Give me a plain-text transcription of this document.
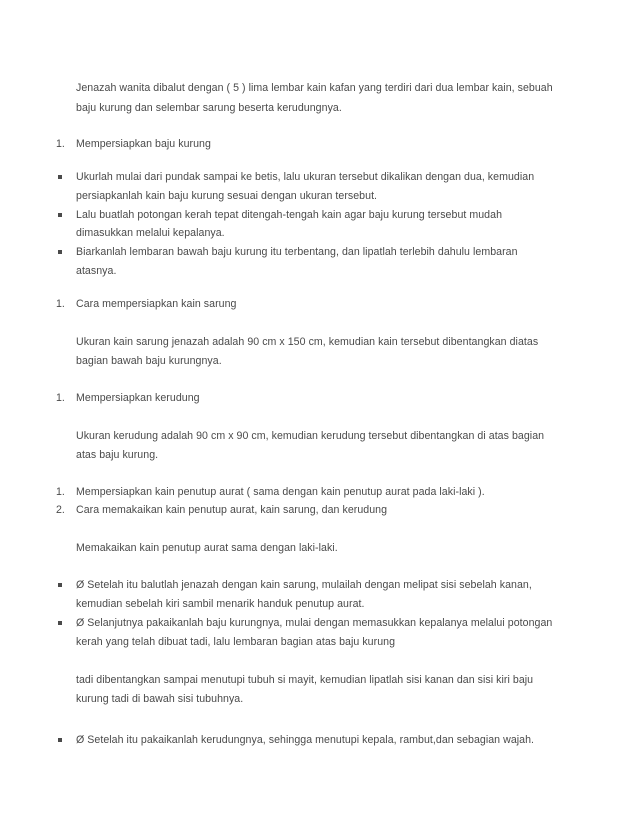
Jenazah wanita dibalut dengan ( 5 ) lima lembar kain kafan yang terdiri dari dua lembar kain, sebuah
baju kurung dan selembar sarung beserta kerudungnya.
1. Mempersiapkan baju kurung
Ukurlah mulai dari pundak sampai ke betis, lalu ukuran tersebut dikalikan dengan dua, kemudian
persiapkanlah kain baju kurung sesuai dengan ukuran tersebut.
Lalu buatlah potongan kerah tepat ditengah-tengah kain agar baju kurung tersebut mudah
dimasukkan melalui kepalanya.
Biarkanlah lembaran bawah baju kurung itu terbentang, dan lipatlah terlebih dahulu lembaran
atasnya.
1. Cara mempersiapkan kain sarung
Ukuran kain sarung jenazah adalah 90 cm x 150 cm, kemudian kain tersebut dibentangkan diatas
bagian bawah baju kurungnya.
1. Mempersiapkan kerudung
Ukuran kerudung adalah 90 cm x 90 cm, kemudian kerudung tersebut dibentangkan di atas bagian
atas baju kurung.
1. Mempersiapkan kain penutup aurat ( sama dengan kain penutup aurat pada laki-laki ).
2. Cara memakaikan kain penutup aurat, kain sarung, dan kerudung
Memakaikan kain penutup aurat sama dengan laki-laki.
Ø Setelah itu balutlah jenazah dengan kain sarung, mulailah dengan melipat sisi sebelah kanan,
kemudian sebelah kiri sambil menarik handuk penutup aurat.
Ø Selanjutnya pakaikanlah baju kurungnya, mulai dengan memasukkan kepalanya melalui potongan
kerah yang telah dibuat tadi, lalu lembaran bagian atas baju kurung
tadi dibentangkan sampai menutupi tubuh si mayit, kemudian lipatlah sisi kanan dan sisi kiri baju
kurung tadi di bawah sisi tubuhnya.
Ø Setelah itu pakaikanlah kerudungnya, sehingga menutupi kepala, rambut,dan sebagian wajah.
